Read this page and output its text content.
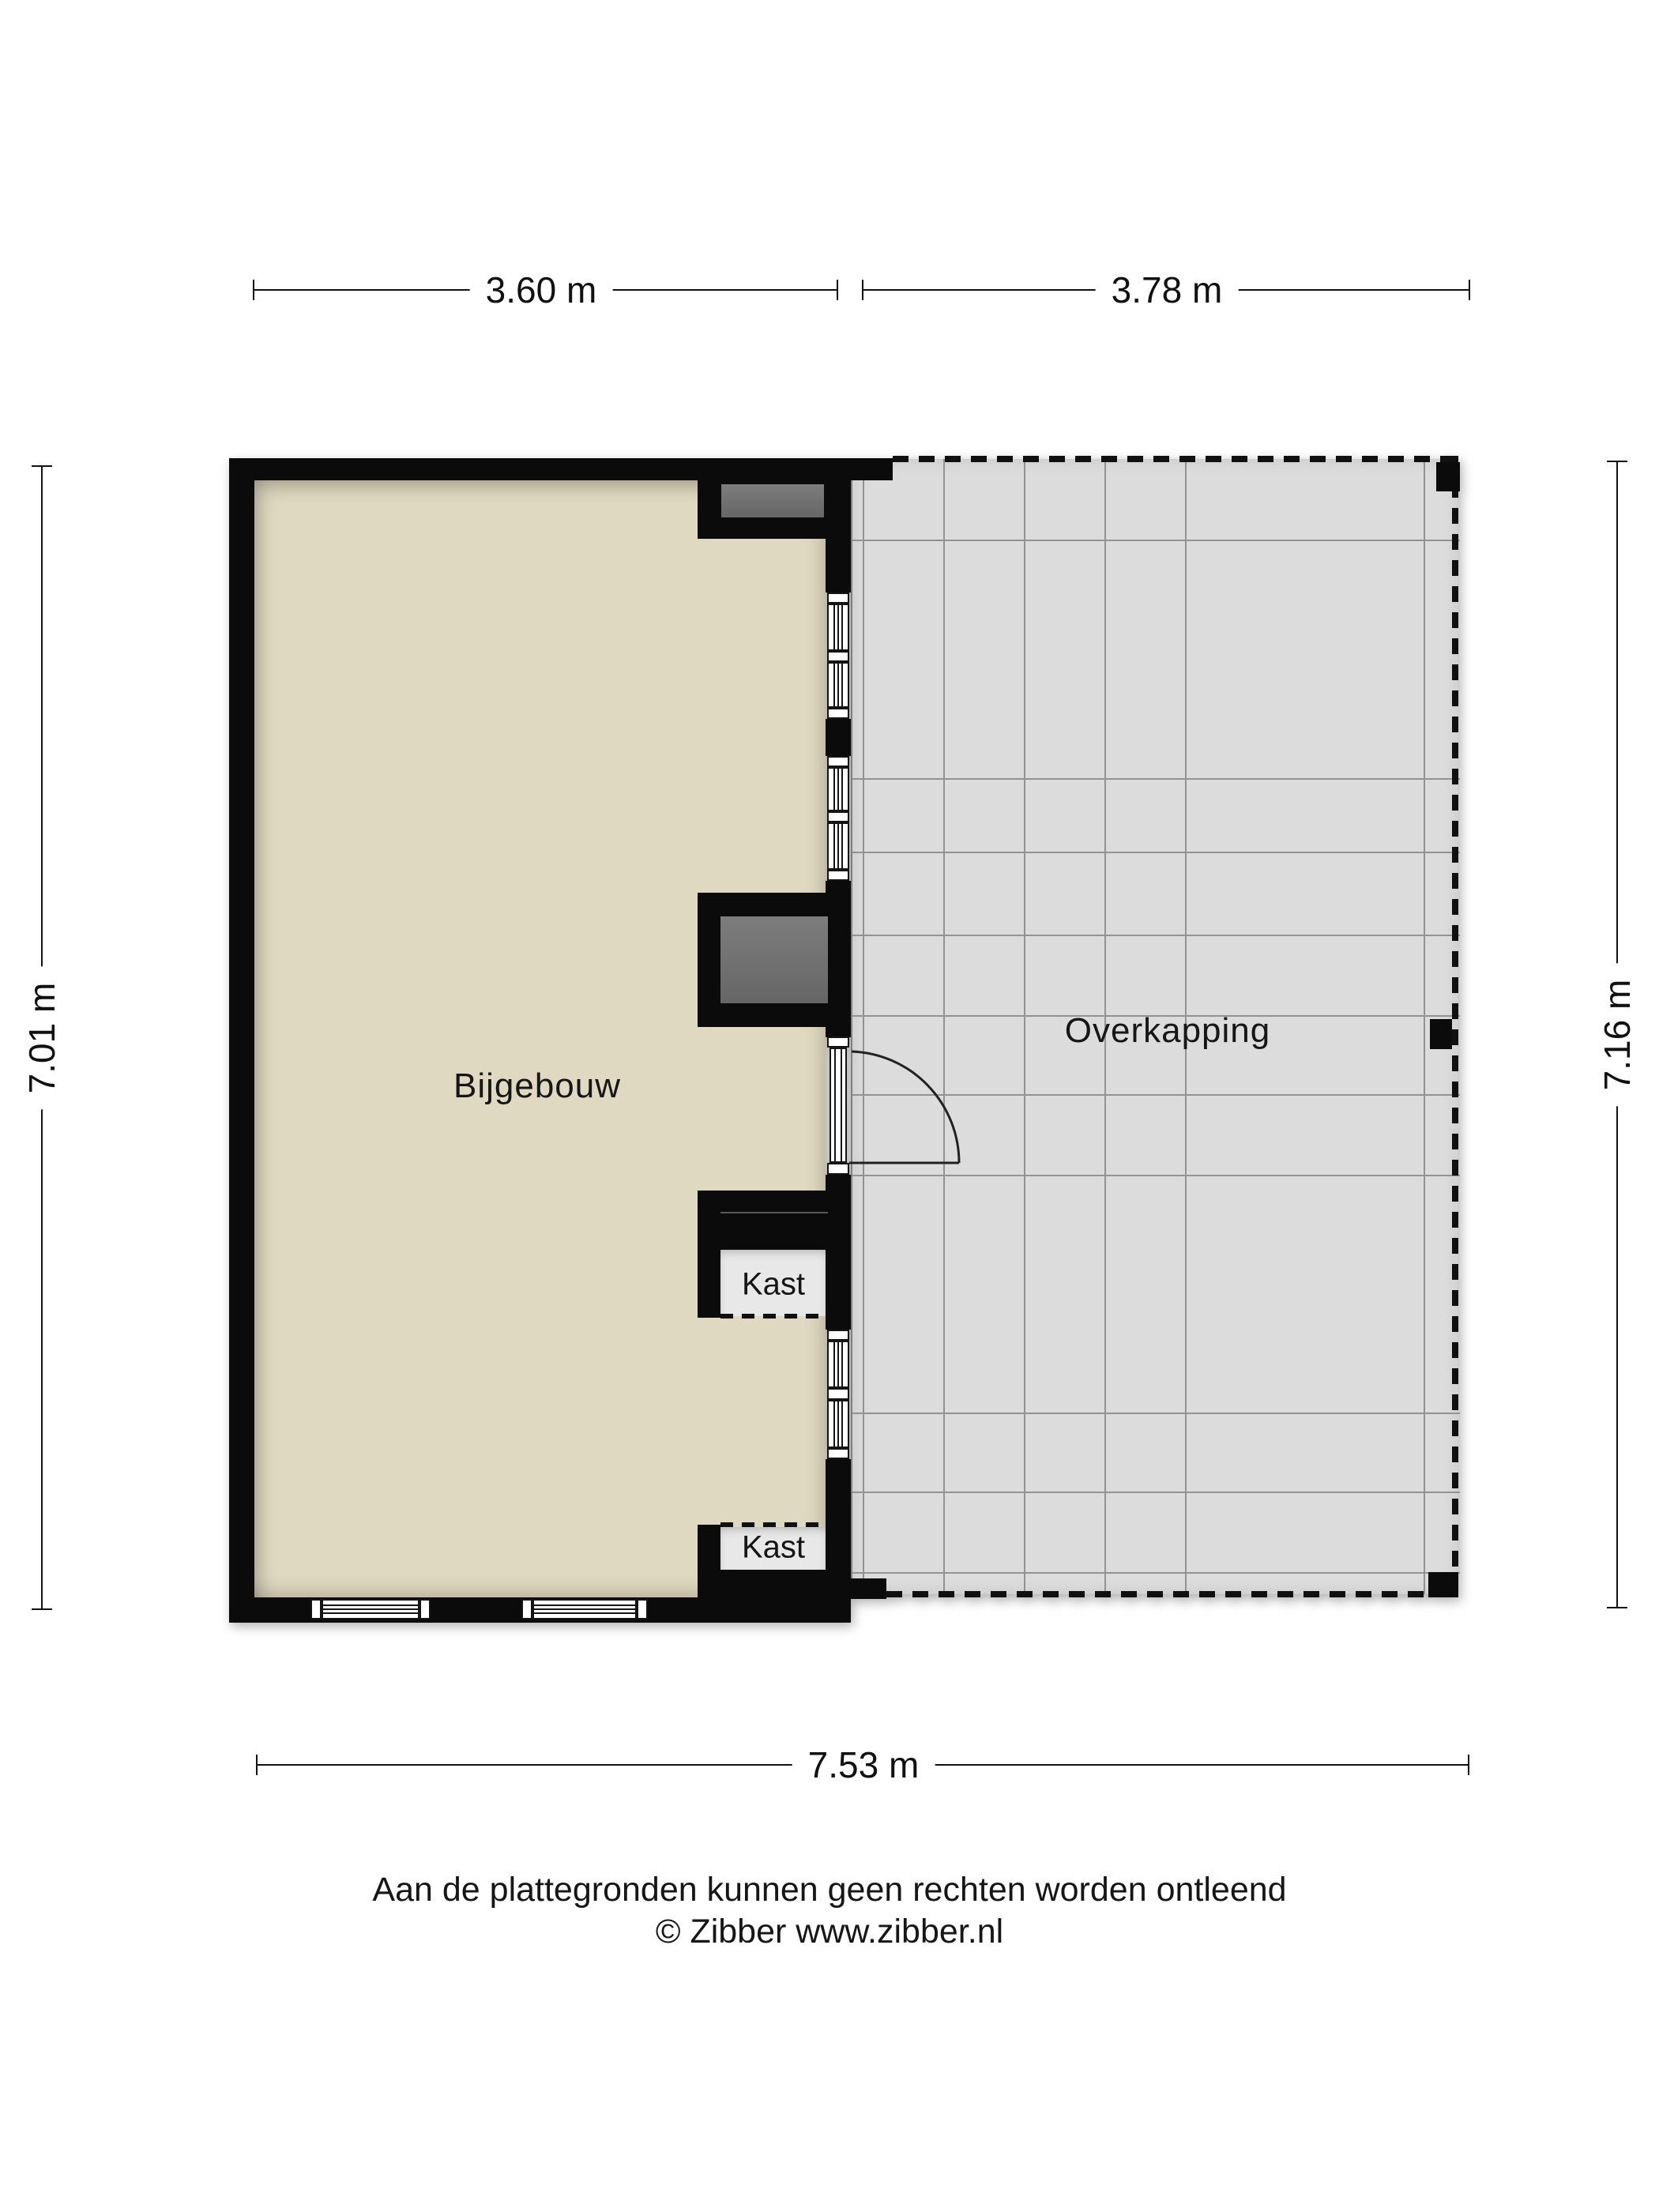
Bijgebouw
Overkapping
Kast
Kast
3.60 m	3.78 m
7.01 m	7.16 m
7.53 m
Aan de plattegronden kunnen geen rechten worden ontleend
© Zibber www.zibber.nl
